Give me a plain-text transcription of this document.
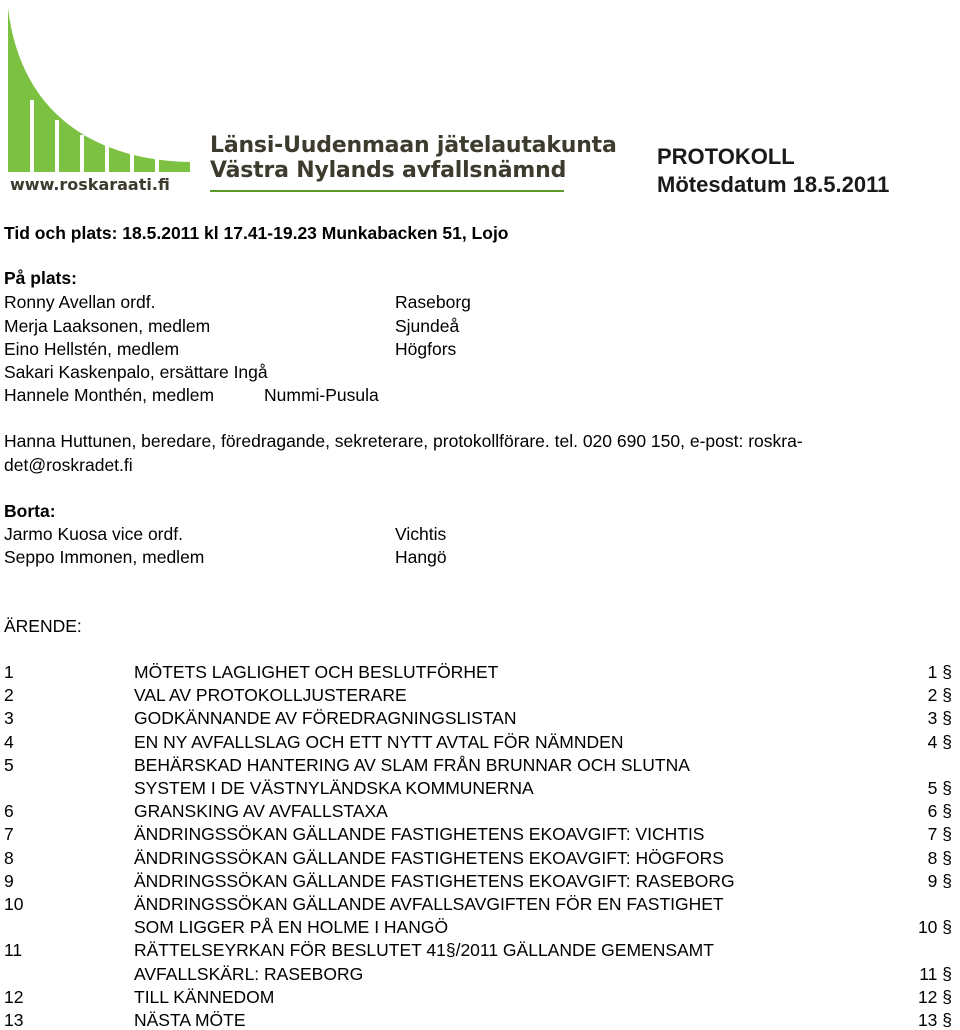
www.roskaraati.fi
Länsi-Uudenmaan jätelautakunta
Västra Nylands avfallsnämnd
PROTOKOLL
Mötesdatum 18.5.2011
Tid och plats: 18.5.2011 kl 17.41-19.23 Munkabacken 51, Lojo
På plats:
Ronny Avellan ordf.	Raseborg
Merja Laaksonen, medlem	Sjundeå
Eino Hellstén, medlem	Högfors
Sakari Kaskenpalo, ersättare Ingå
Hannele Monthén, medlem	Nummi-Pusula
Hanna Huttunen, beredare, föredragande, sekreterare, protokollförare. tel. 020 690 150, e-post: roskra-
det@roskradet.fi
Borta:
Jarmo Kuosa vice ordf.	Vichtis
Seppo Immonen, medlem	Hangö
ÄRENDE:
1	MÖTETS LAGLIGHET OCH BESLUTFÖRHET	1 §
2	VAL AV PROTOKOLLJUSTERARE	2 §
3	GODKÄNNANDE AV FÖREDRAGNINGSLISTAN	3 §
4	EN NY AVFALLSLAG OCH ETT NYTT AVTAL FÖR NÄMNDEN	4 §
5	BEHÄRSKAD HANTERING AV SLAM FRÅN BRUNNAR OCH SLUTNA
SYSTEM I DE VÄSTNYLÄNDSKA KOMMUNERNA	5 §
6	GRANSKING AV AVFALLSTAXA	6 §
7	ÄNDRINGSSÖKAN GÄLLANDE FASTIGHETENS EKOAVGIFT: VICHTIS	7 §
8	ÄNDRINGSSÖKAN GÄLLANDE FASTIGHETENS EKOAVGIFT: HÖGFORS	8 §
9	ÄNDRINGSSÖKAN GÄLLANDE FASTIGHETENS EKOAVGIFT: RASEBORG	9 §
10	ÄNDRINGSSÖKAN GÄLLANDE AVFALLSAVGIFTEN FÖR EN FASTIGHET
SOM LIGGER PÅ EN HOLME I HANGÖ	10 §
11	RÄTTELSEYRKAN FÖR BESLUTET 41§/2011 GÄLLANDE GEMENSAMT
AVFALLSKÄRL: RASEBORG	11 §
12	TILL KÄNNEDOM	12 §
13	NÄSTA MÖTE	13 §
